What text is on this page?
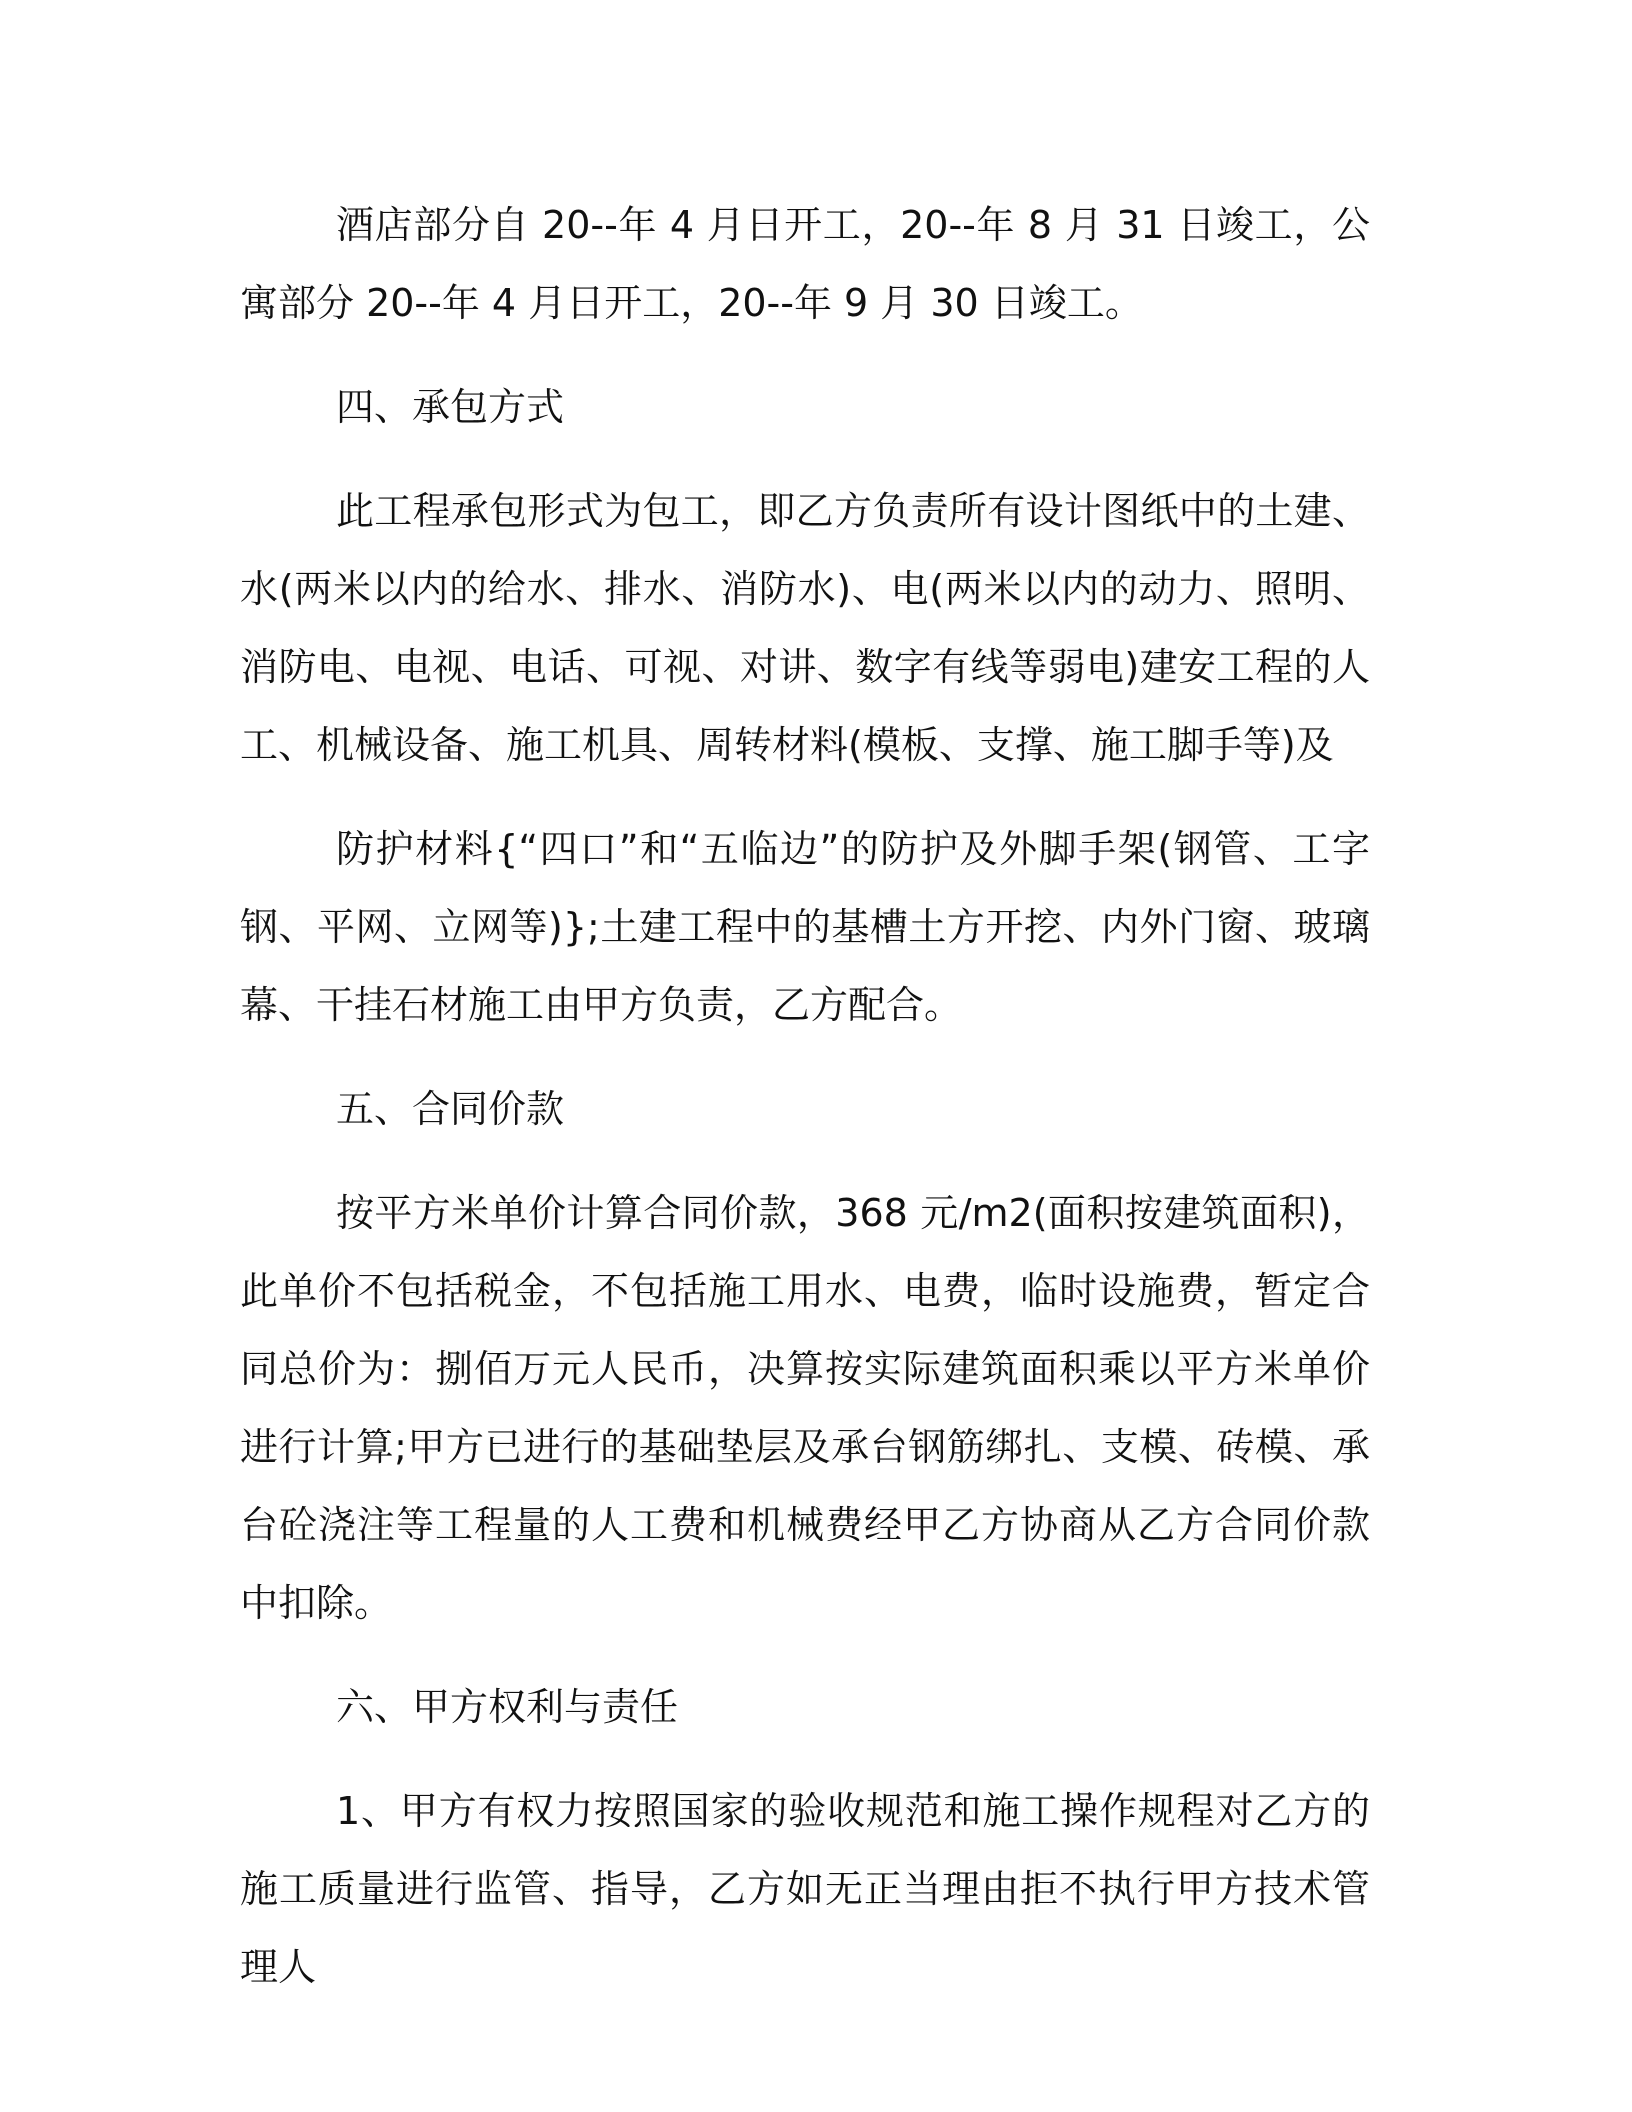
酒店部分自 20--年 4 月日开工，20--年 8 月 31 日竣工，公寓部分 20--年 4 月日开工，20--年 9 月 30 日竣工。

四、承包方式

此工程承包形式为包工，即乙方负责所有设计图纸中的土建、水(两米以内的给水、排水、消防水)、电(两米以内的动力、照明、消防电、电视、电话、可视、对讲、数字有线等弱电)建安工程的人工、机械设备、施工机具、周转材料(模板、支撑、施工脚手等)及

防护材料{“四口”和“五临边”的防护及外脚手架(钢管、工字钢、平网、立网等)};土建工程中的基槽土方开挖、内外门窗、玻璃幕、干挂石材施工由甲方负责，乙方配合。

五、合同价款

按平方米单价计算合同价款，368 元/m2(面积按建筑面积)，此单价不包括税金，不包括施工用水、电费，临时设施费，暂定合同总价为：捌佰万元人民币，决算按实际建筑面积乘以平方米单价进行计算;甲方已进行的基础垫层及承台钢筋绑扎、支模、砖模、承台砼浇注等工程量的人工费和机械费经甲乙方协商从乙方合同价款中扣除。

六、甲方权利与责任

1、甲方有权力按照国家的验收规范和施工操作规程对乙方的施工质量进行监管、指导，乙方如无正当理由拒不执行甲方技术管理人
